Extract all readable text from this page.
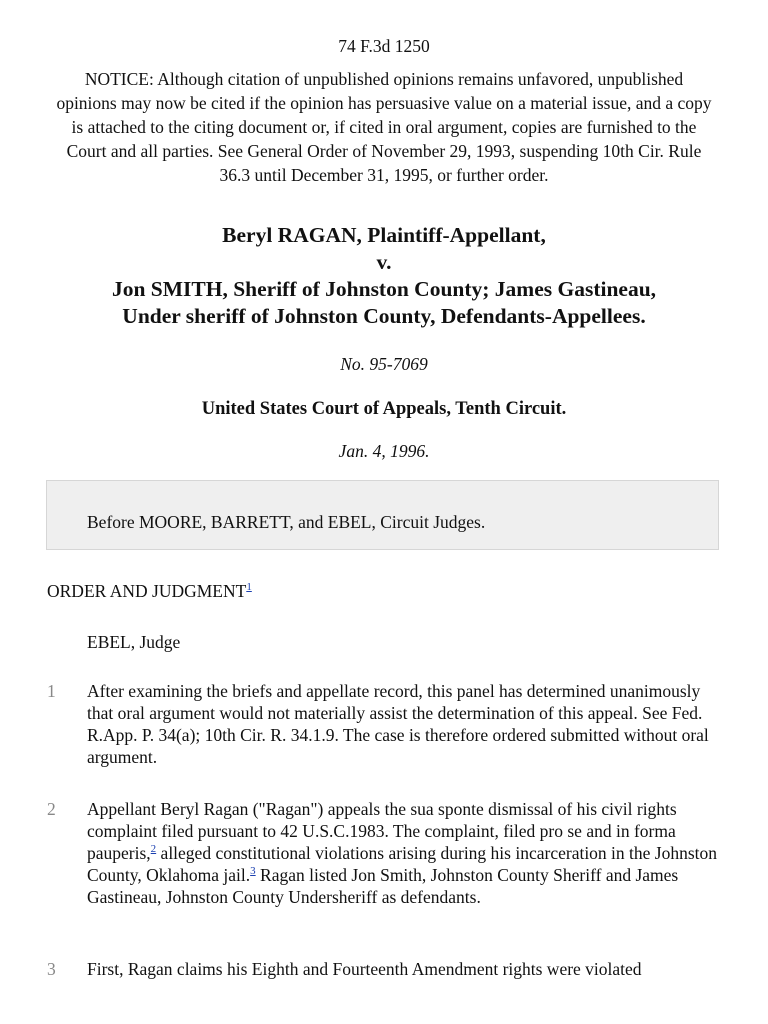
74 F.3d 1250
NOTICE: Although citation of unpublished opinions remains unfavored, unpublished opinions may now be cited if the opinion has persuasive value on a material issue, and a copy is attached to the citing document or, if cited in oral argument, copies are furnished to the Court and all parties. See General Order of November 29, 1993, suspending 10th Cir. Rule 36.3 until December 31, 1995, or further order.
Beryl RAGAN, Plaintiff-Appellant,
v.
Jon SMITH, Sheriff of Johnston County; James Gastineau,
Under sheriff of Johnston County, Defendants-Appellees.
No. 95-7069
United States Court of Appeals, Tenth Circuit.
Jan. 4, 1996.
Before MOORE, BARRETT, and EBEL, Circuit Judges.
ORDER AND JUDGMENT$^1$
EBEL, Judge
1 After examining the briefs and appellate record, this panel has determined unanimously that oral argument would not materially assist the determination of this appeal. See Fed. R.App. P. 34(a); 10th Cir. R. 34.1.9. The case is therefore ordered submitted without oral argument.
2 Appellant Beryl Ragan ("Ragan") appeals the sua sponte dismissal of his civil rights complaint filed pursuant to 42 U.S.C.1983. The complaint, filed pro se and in forma pauperis,$^2$ alleged constitutional violations arising during his incarceration in the Johnston County, Oklahoma jail.$^3$ Ragan listed Jon Smith, Johnston County Sheriff and James Gastineau, Johnston County Undersheriff as defendants.
3 First, Ragan claims his Eighth and Fourteenth Amendment rights were violated
